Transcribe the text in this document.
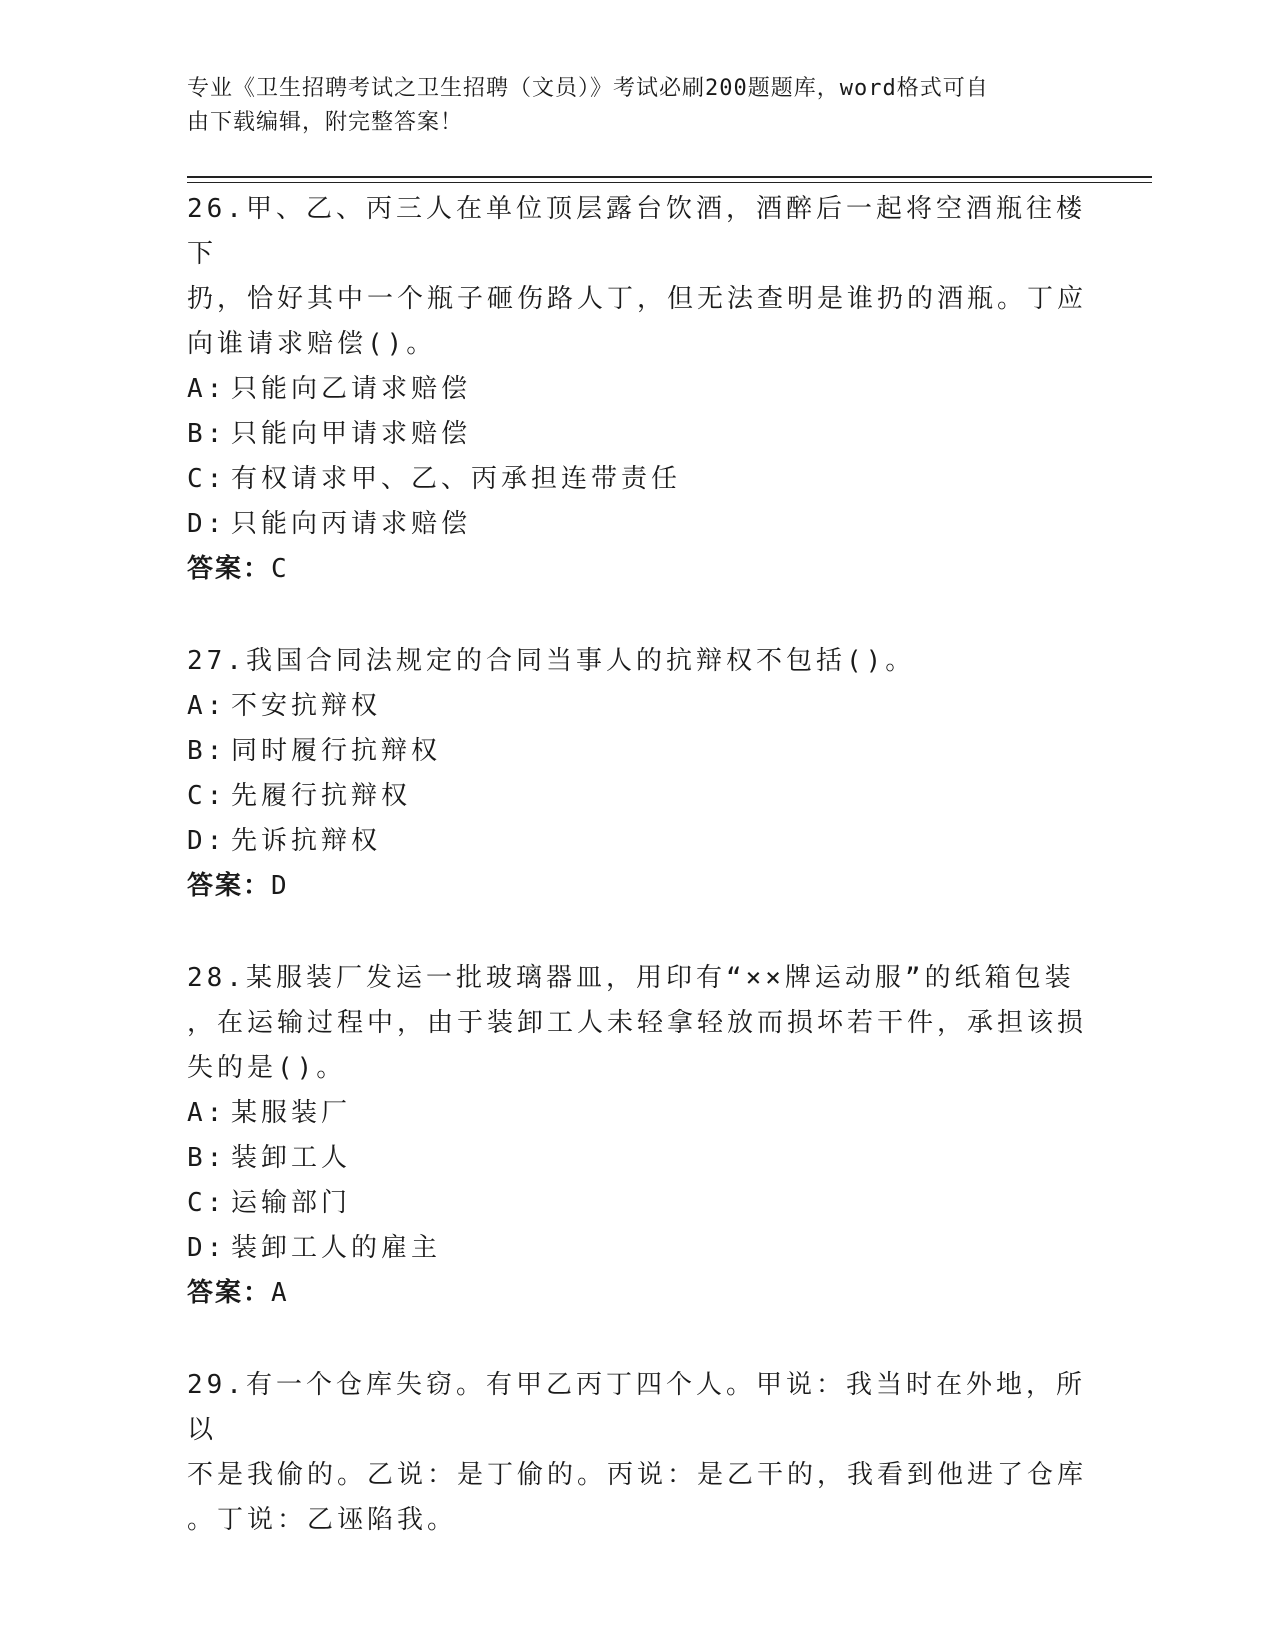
专业《卫生招聘考试之卫生招聘（文员）》考试必刷200题题库，word格式可自
由下载编辑，附完整答案！
26.甲、乙、丙三人在单位顶层露台饮酒，酒醉后一起将空酒瓶往楼下
扔，恰好其中一个瓶子砸伤路人丁，但无法查明是谁扔的酒瓶。丁应
向谁请求赔偿()。
A: 只能向乙请求赔偿
B: 只能向甲请求赔偿
C: 有权请求甲、乙、丙承担连带责任
D: 只能向丙请求赔偿
答案：C
27.我国合同法规定的合同当事人的抗辩权不包括()。
A: 不安抗辩权
B: 同时履行抗辩权
C: 先履行抗辩权
D: 先诉抗辩权
答案：D
28.某服装厂发运一批玻璃器皿，用印有“××牌运动服”的纸箱包装
，在运输过程中，由于装卸工人未轻拿轻放而损坏若干件，承担该损
失的是()。
A: 某服装厂
B: 装卸工人
C: 运输部门
D: 装卸工人的雇主
答案：A
29.有一个仓库失窃。有甲乙丙丁四个人。甲说：我当时在外地，所以
不是我偷的。乙说：是丁偷的。丙说：是乙干的，我看到他进了仓库
。丁说：乙诬陷我。
